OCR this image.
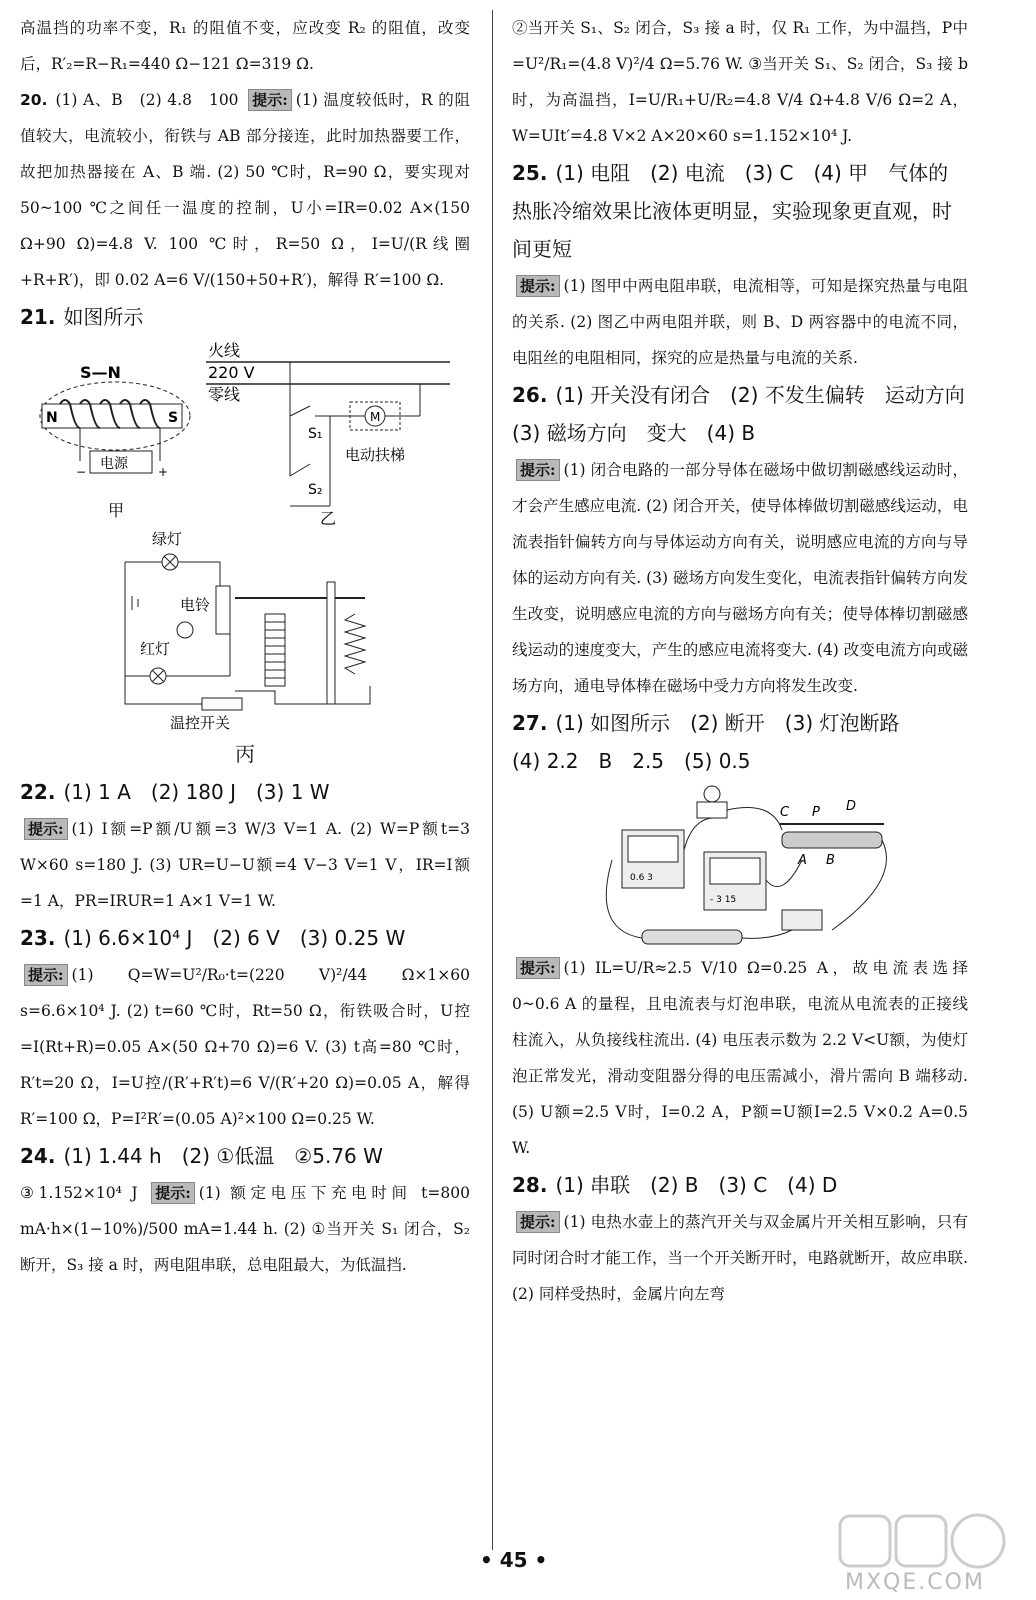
高温挡的功率不变，R₁ 的阻值不变，应改变 R₂ 的阻值，改变后，R′₂=R−R₁=440 Ω−121 Ω=319 Ω.

20. (1) A、B　(2) 4.8　100 提示: (1) 温度较低时，R 的阻值较大，电流较小，衔铁与 AB 部分接连，此时加热器要工作，故把加热器接在 A、B 端. (2) 50 ℃时，R=90 Ω，要实现对 50~100 ℃之间任一温度的控制，U小=IR=0.02 A×(150 Ω+90 Ω)=4.8 V. 100 ℃时，R=50 Ω，I=U/(R线圈+R+R′)，即 0.02 A=6 V/(150+50+R′)，解得 R′=100 Ω.

21. 如图所示

S—N
N	S
电源
−	+
甲
火线
220 V
零线
S₁
S₂
M
电动扶梯
乙
绿灯
电铃
红灯
温控开关

丙

22. (1) 1 A　(2) 180 J　(3) 1 W

提示: (1) I额=P额/U额=3 W/3 V=1 A. (2) W=P额t=3 W×60 s=180 J. (3) UR=U−U额=4 V−3 V=1 V，IR=I额=1 A，PR=IRUR=1 A×1 V=1 W.

23. (1) 6.6×10⁴ J　(2) 6 V　(3) 0.25 W

提示: (1) Q=W=U²/R₀·t=(220 V)²/44 Ω×1×60 s=6.6×10⁴ J. (2) t=60 ℃时，Rt=50 Ω，衔铁吸合时，U控=I(Rt+R)=0.05 A×(50 Ω+70 Ω)=6 V. (3) t高=80 ℃时，R′t=20 Ω，I=U控/(R′+R′t)=6 V/(R′+20 Ω)=0.05 A，解得 R′=100 Ω，P=I²R′=(0.05 A)²×100 Ω=0.25 W.

24. (1) 1.44 h　(2) ①低温　②5.76 W

③1.152×10⁴ J 提示: (1) 额定电压下充电时间 t=800 mA·h×(1−10%)/500 mA=1.44 h. (2) ①当开关 S₁ 闭合，S₂ 断开，S₃ 接 a 时，两电阻串联，总电阻最大，为低温挡.

②当开关 S₁、S₂ 闭合，S₃ 接 a 时，仅 R₁ 工作，为中温挡，P中=U²/R₁=(4.8 V)²/4 Ω=5.76 W. ③当开关 S₁、S₂ 闭合，S₃ 接 b 时，为高温挡，I=U/R₁+U/R₂=4.8 V/4 Ω+4.8 V/6 Ω=2 A，W=UIt′=4.8 V×2 A×20×60 s=1.152×10⁴ J.

25. (1) 电阻　(2) 电流　(3) C　(4) 甲　气体的热胀冷缩效果比液体更明显，实验现象更直观，时间更短

提示: (1) 图甲中两电阻串联，电流相等，可知是探究热量与电阻的关系. (2) 图乙中两电阻并联，则 B、D 两容器中的电流不同，电阻丝的电阻相同，探究的应是热量与电流的关系.

26. (1) 开关没有闭合　(2) 不发生偏转　运动方向　(3) 磁场方向　变大　(4) B

提示: (1) 闭合电路的一部分导体在磁场中做切割磁感线运动时，才会产生感应电流. (2) 闭合开关，使导体棒做切割磁感线运动，电流表指针偏转方向与导体运动方向有关，说明感应电流的方向与导体的运动方向有关. (3) 磁场方向发生变化，电流表指针偏转方向发生改变，说明感应电流的方向与磁场方向有关；使导体棒切割磁感线运动的速度变大，产生的感应电流将变大. (4) 改变电流方向或磁场方向，通电导体棒在磁场中受力方向将发生改变.

27. (1) 如图所示　(2) 断开　(3) 灯泡断路

(4) 2.2　B　2.5　(5) 0.5

0.6 3
- 3 15
C P D
A B

提示: (1) IL=U/R≈2.5 V/10 Ω=0.25 A，故电流表选择 0~0.6 A 的量程，且电流表与灯泡串联，电流从电流表的正接线柱流入，从负接线柱流出. (4) 电压表示数为 2.2 V<U额，为使灯泡正常发光，滑动变阻器分得的电压需减小，滑片需向 B 端移动. (5) U额=2.5 V时，I=0.2 A，P额=U额I=2.5 V×0.2 A=0.5 W.

28. (1) 串联　(2) B　(3) C　(4) D

提示: (1) 电热水壶上的蒸汽开关与双金属片开关相互影响，只有同时闭合时才能工作，当一个开关断开时，电路就断开，故应串联. (2) 同样受热时，金属片向左弯

• 45 •
MXQE.COM
